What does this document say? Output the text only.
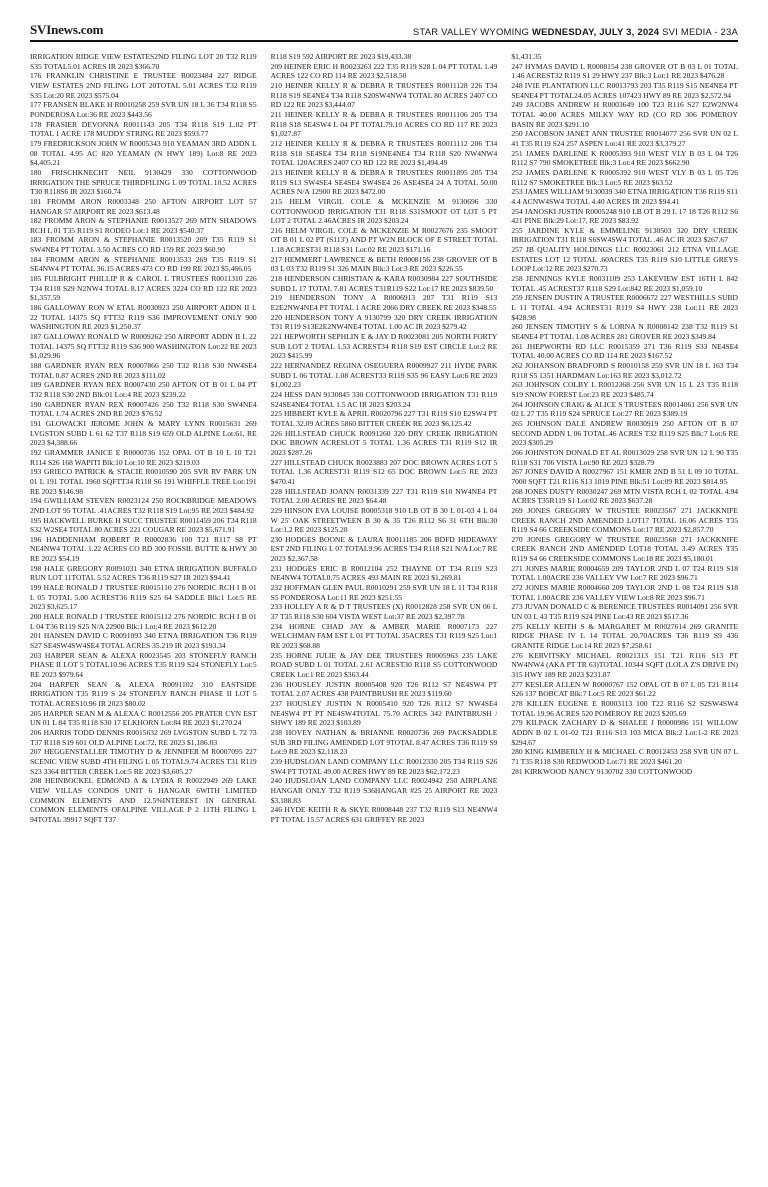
SVInews.com	STAR VALLEY WYOMING WEDNESDAY, JULY 3, 2024 SVI MEDIA - 23A

IRRIGATION RIDGE VIEW ESTATES2ND FILING LOT 20 T32 R119 S35 TOTAL5.01 ACRES IR 2023 $366.70

176 FRANKLIN CHRISTINE E TRUSTEE R0023484 227 RIDGE VIEW ESTATES 2ND FILING LOT 20TOTAL 5.01 ACRES T32 R119 S35 Lot:20 RE 2023 $575.04

177 FRANSEN BLAKE H R0010258 259 SVR UN 18 L 36 T34 R118 S5 PONDEROSA Lot:36 RE 2023 $443.56

178 FRASIER DEVONNA R0011143 205 T34 R118 S19 L.02 PT TOTAL 1 ACRE 178 MUDDY STRING RE 2023 $593.77

179 FREDRICKSON JOHN W R0005343 910 YEAMAN 3RD ADDN L 08 TOTAL 4.95 AC 820 YEAMAN (N HWY 189) Lot:8 RE 2023 $4,405.21

180 FRISCHKNECHT NEIL 9130429 330 COTTONWOOD IRRIGATION THE SPRUCE THIRDFILING L 09 TOTAL 10.52 ACRES T30 R118S6 IR 2023 $160.74

181 FROMM ARON R0003348 250 AFTON AIRPORT LOT 57 HANGAR 57 AIRPORT RE 2023 $613.48

182 FROMM ARON & STEPHANIE R0013527 269 MTN SHADOWS RCH L 01 T35 R119 S1 RODEO Lot:1 RE 2023 $540.37

183 FROMM ARON & STEPHANIE R0013520 269 T35 R119 S1 SW4NE4 PT TOTAL 3.50 ACRES CO RD 159 RE 2023 $60.90

184 FROMM ARON & STEPHANIE R0013533 269 T35 R119 S1 SE4NW4 PT TOTAL 36.15 ACRES 473 CO RD 199 RE 2023 $5,466.05

185 FULBRIGHT PHILLIP R & CAROL L TRUSTEES R0011310 226 T34 R118 S29 N2NW4 TOTAL 8.17 ACRES 3224 CO RD 122 RE 2023 $1,357.59

186 GALLOWAY RON W ETAL R0030923 250 AIRPORT ADDN II L 22 TOTAL 14375 SQ FTT32 R119 S36 IMPROVEMENT ONLY 900 WASHINGTON RE 2023 $1,250.37

187 GALLOWAY RONALD W R0009262 250 AIRPORT ADDN II L 22 TOTAL 14375 SQ FTT32 R119 S36 900 WASHINGTON Lot:22 RE 2023 $1,029.96

188 GARDNER RYAN REX R0007866 250 T32 R118 S30 NW4SE4 TOTAL 0.87 ACRES 2ND RE 2023 $111.02

189 GARDNER RYAN REX R0007430 250 AFTON OT B 01 L 04 PT T32 R118 S30 2ND Blk:01 Lot:4 RE 2023 $239.22

190 GARDNER RYAN REX R0007426 250 T32 R118 S30 SW4NE4 TOTAL 1.74 ACRES 2ND RE 2023 $76.52

191 GLOWACKI JEROME JOHN & MARY LYNN R0015631 269 LVGSTON SUBD L 61 62 T37 R118 S19 659 OLD ALPINE Lot:61, RE 2023 $4,388.66

192 GRAMMER JANICE E R0000736 152 OPAL OT B 10 L 10 T21 R114 S26 168 WAPITI Blk:10 Lot:10 RE 2023 $219.03

193 GRIECO PATRICK & STACIE R0010590 205 SVR RV PARK UN 01 L 191 TOTAL 1960 SQFTT34 R118 S6 191 WHIFFLE TREE Lot:191 RE 2023 $146.98

194 GWILLIAM STEVEN R0023124 250 ROCKBRIDGE MEADOWS 2ND LOT 95 TOTAL .41ACRES T32 R118 S19 Lot:95 RE 2023 $484.92

195 HACKWELL BURKE H SUCC TRUSTEE R0011459 206 T34 R118 S32 W2SE4 TOTAL 80 ACRES 221 COUGAR RE 2023 $5,671.91

196 HADDENHAM ROBERT R R0002836 100 T21 R117 S8 PT NE4NW4 TOTAL 1.22 ACRES CO RD 300 FOSSIL BUTTE & HWY 30 RE 2023 $54.19

198 HALE GREGORY R0091031 340 ETNA IRRIGATION BUFFALO RUN LOT 11TOTAL 5.52 ACRES T36 R119 S27 IR 2023 $94.41

199 HALE RONALD J TRUSTEE R0015110 276 NORDIC RCH I B 01 L 05 TOTAL 5.00 ACREST36 R119 S25 64 SADDLE Blk:1 Lot:5 RE 2023 $3,625.17

200 HALE RONALD J TRUSTEE R0015112 276 NORDIC RCH I B 01 L 04 T36 R119 S25 N/A 22900 Blk:1 Lot:4 RE 2023 $612.20

201 HANSEN DAVID C R0091093 340 ETNA IRRIGATION T36 R119 S27 SE4SW4SW4SE4 TOTAL ACRES 35.219 IR 2023 $193.34

203 HARPER SEAN & ALEXA R0023545 203 STONEFLY RANCH PHASE II LOT 5 TOTAL10.96 ACRES T35 R119 S24 STONEFLY Lot:5 RE 2023 $979.64

204 HARPER SEAN & ALEXA R0091102 310 EASTSIDE IRRIGATION T35 R119 S 24 STONEFLY RANCH PHASE II LOT 5 TOTAL ACRES10.96 IR 2023 $80.02

205 HARPER SEAN M & ALEXA C R0012556 205 PRATER CYN EST UN 01 L 84 T35 R118 S30 17 ELKHORN Lot:84 RE 2023 $1,270.24

206 HARRIS TODD DENNIS R0015632 269 LVGSTON SUBD L 72 73 T37 R118 S19 601 OLD ALPINE Lot:72, RE 2023 $1,186.03

207 HEGGENSTALLER TIMOTHY D & JENNIFER M R0007095 227 SCENIC VIEW SUBD 4TH FILING L 05 TOTAL9.74 ACRES T31 R119 S23 3364 BITTER CREEK Lot:5 RE 2023 $3,605.27

208 HEINBOCKEL EDMOND A & LYDIA R R0022949 269 LAKE VIEW VILLAS CONDOS UNIT 6 HANGAR 6WITH LIMITED COMMON ELEMENTS AND 12.5%INTEREST IN GENERAL COMMON ELEMENTS OFALPINE VILLAGE P 2 11TH FILING L 94TOTAL 39917 SQFT T37

R118 S19 592 AIRPORT RE 2023 $19,433.38

209 HEINER ERIC H R0023263 222 T35 R119 S28 L 04 PT TOTAL 1.49 ACRES 122 CO RD 114 RE 2023 $2,518.50

210 HEINER KELLY R & DEBRA R TRUSTEES R0011128 226 T34 R118 S19 SE4NE4 T34 R118 S20SW4NW4 TOTAL 80 ACRES 2407 CO RD 122 RE 2023 $3,444.07

211 HEINER KELLY R & DEBRA R TRUSTEES R0011106 205 T34 R118 S18 SE4SW4 L 04 PT TOTAL79.10 ACRES CO RD 117 RE 2023 $1,027.87

212 HEINER KELLY R & DEBRA R TRUSTEES R0011112 206 T34 R118 S18 SE4SE4 T34 R118 S19NE4NE4 T34 R118 S20 NW4NW4 TOTAL 120ACRES 2407 CO RD 122 RE 2023 $1,494.49

213 HEINER KELLY R & DEBRA R TRUSTEES R0011895 205 T34 R119 S13 SW4SE4 SE4SE4 SW4SE4 26 ASE4SE4 24 A TOTAL 50.00 ACRES N/A 12900 RE 2023 $472.00

215 HELM VIRGIL COLE & MCKENZIE M 9130696 330 COTTONWOOD IRRIGATION T31 R118 S31SMOOT OT LOT 5 PT LOT 2 TOTAL 2.46ACRES IR 2023 $203.24

216 HELM VIRGIL COLE & MCKENZIE M R0027676 235 SMOOT OT B 01 L 02 PT (S113') AND PT W2N BLOCK OF E STREET TOTAL 1.18 ACREST31 R118 S31 Lot:02 RE 2023 $171.16

217 HEMMERT LAWRENCE & BETH R0008156 238 GROVER OT B 03 L 03 T32 R119 S1 326 MAIN Blk:3 Lot:3 RE 2023 $226.55

218 HENDERSON CHRISTIAN & KARA R0030984 227 SOUTHSIDE SUBD L 17 TOTAL 7.81 ACRES T31R119 S22 Lot:17 RE 2023 $839.50

219 HENDERSON TONY A R0006913 207 T31 R119 S13 E2E2NW4NE4 PT TOTAL 1 ACRE 2066 DRY CREEK RE 2023 $348.55

220 HENDERSON TONY A 9130799 320 DRY CREEK IRRIGATION T31 R119 S13E2E2NW4NE4 TOTAL 1.00 AC IR 2023 $279.42

221 HEPWORTH SEPHLIN E & JAY D R0023081 205 NORTH FORTY SUB LOT 2 TOTAL 1.53 ACREST34 R118 S19 EST CIRCLE Lot:2 RE 2023 $415.99

222 HERNANDEZ REGINA OSEGUERA R0009927 211 HYDE PARK SUBD L 06 TOTAL 1.08 ACREST33 R119 S35 96 EASY Lot:6 RE 2023 $1,002.23

224 HESS DAN 9130845 330 COTTONWOOD IRRIGATION T31 R119 S24SE4NE4 TOTAL 1.5 AC IR 2023 $203.24

225 HIBBERT KYLE & APRIL R0020796 227 T31 R119 S10 E2SW4 PT TOTAL 32.09 ACRES 5860 BITTER CREEK RE 2023 $6,125.42

226 HILLSTEAD CHUCK R0091260 320 DRY CREEK IRRIGATION DOC BROWN ACRESLOT 5 TOTAL 1.36 ACRES T31 R119 S12 IR 2023 $287.26

227 HILLSTEAD CHUCK R0023883 207 DOC BROWN ACRES LOT 5 TOTAL 1.36 ACREST31 R119 S12 65 DOC BROWN Lot:5 RE 2023 $470.41

228 HILLSTEAD JOANN R0031339 227 T31 R119 S10 NW4NE4 PT TOTAL 2.00 ACRES RE 2023 $64.48

229 HINSON EVA LOUISE R0005318 910 LB OT B 30 L 01-03 4 L 04 W 25' OAK STREETWEEN B 30 & 35 T26 R112 S6 31 6TH Blk:30 Lot:1,2 RE 2023 $125.28

230 HODGES BOONE & LAURA R0011185 206 BDFD HIDEAWAY EST 2ND FILING L 07 TOTAL9.96 ACRES T34 R118 S21 N/A Lot:7 RE 2023 $2,367.58

231 HODGES ERIC B R0012104 252 THAYNE OT T34 R119 S23 NE4NW4 TOTAL0.75 ACRES 493 MAIN RE 2023 $1,269.81

232 HOFFMAN GLEN PAUL R0010291 259 SVR UN 18 L 11 T34 R118 S5 PONDEROSA Lot:11 RE 2023 $251.55

233 HOLLEY A R & D T TRUSTEES (X) R0012828 258 SVR UN 06 L 37 T35 R118 S30 604 VISTA WEST Lot:37 RE 2023 $2,397.78

234 HORNE CHAD JAY & AMBER MARIE R0007173 227 WELCHMAN FAM EST L 01 PT TOTAL 35ACRES T31 R119 S25 Lot:1 RE 2023 $68.88

235 HORNE JULIE & JAY DEE TRUSTEES R0005963 235 LAKE ROAD SUBD L 01 TOTAL 2.61 ACREST30 R118 S5 COTTONWOOD CREEK Lot:1 RE 2023 $363.44

236 HOUSLEY JUSTIN R0005408 920 T26 R112 S7 NE4SW4 PT TOTAL 2.07 ACRES 438 PAINTBRUSH RE 2023 $119.60

237 HOUSLEY JUSTIN N R0005410 920 T26 R112 S7 NW4SE4 NE4SW4 PT PT NE4SW4TOTAL 75.70 ACRES 342 PAINTBRUSH / SHWY 189 RE 2023 $103.89

238 HOVEY NATHAN & BRIANNE R0020736 269 PACKSADDLE SUB 3RD FILING AMENDED LOT 9TOTAL 8.47 ACRES T36 R119 S9 Lot:9 RE 2023 $2,118.23

239 HUDSLOAN LAND COMPANY LLC R0012330 205 T34 R119 S26 SW4 PT TOTAL 49.00 ACRES HWY 89 RE 2023 $62,172.23

240 HUDSLOAN LAND COMPANY LLC R0024942 250 AIRPLANE HANGAR ONLY T32 R119 S36HANGAR #25 25 AIRPORT RE 2023 $3,188.83

246 HYDE KEITH R & SKYE R0008448 237 T32 R119 S13 NE4NW4 PT TOTAL 15.57 ACRES 631 GRIFFEY RE 2023

$1,431.35

247 HYMAS DAVID L R0008154 238 GROVER OT B 03 L 01 TOTAL 1.46 ACREST32 R119 S1 29 HWY 237 Blk:3 Lot:1 RE 2023 $476.28

248 IVIE PLANTATION LLC R0013793 203 T35 R119 S15 NE4NE4 PT SE4NE4 PT TOTAL24.05 ACRES 107423 HWY 89 RE 2023 $2,572.94

249 JACOBS ANDREW H R0003649 100 T23 R116 S27 E2W2NW4 TOTAL 40.00 ACRES MILKY WAY RD (CO RD 306 POMEROY BASIN RE 2023 $291.10

250 JACOBSON JANET ANN TRUSTEE R0014077 256 SVR UN 02 L 41 T35 R119 S24 257 ASPEN Lot:41 RE 2023 $3,379.27

251 JAMES DARLENE K R0005393 910 WEST VLY B 03 L 04 T26 R112 S7 790 SMOKETREE Blk:3 Lot:4 RE 2023 $662.90

252 JAMES DARLENE K R0005392 910 WEST VLY B 03 L 05 T26 R112 S7 SMOKETREE Blk:3 Lot:5 RE 2023 $63.52

253 JAMES WILLIAM 9130039 340 ETNA IRRIGATION T36 R119 S11 4.4 ACNW4SW4 TOTAL 4.40 ACRES IR 2023 $94.41

254 JANOSKI JUSTIN R0005248 910 LB OT B 29 L 17 18 T26 R112 S6 421 PINE Blk:29 Lot:17, RE 2023 $83.92

255 JARDINE KYLE & EMMELINE 9130503 320 DRY CREEK IRRIGATION T31 R118 S6SW4SW4 TOTAL .46 AC IR 2023 $267.67

257 JB QUALITY HOLDINGS LLC R0023061 212 ETNA VILLAGE ESTATES LOT 12 TOTAL .60ACRES T35 R119 S10 LITTLE GREYS LOOP Lot:12 RE 2023 $270.73

258 JENNINGS KYLE R0031109 253 LAKEVIEW EST 16TH L 842 TOTAL .45 ACREST37 R118 S29 Lot:842 RE 2023 $1,059.10

259 JENSEN DUSTIN A TRUSTEE R0006672 227 WESTHILLS SUBD L 11 TOTAL 4.94 ACREST31 R119 S4 HWY 238 Lot:11 RE 2023 $428.98

260 JENSEN TIMOTHY S & LORNA N R0008142 238 T32 R119 S1 SE4NE4 PT TOTAL 1.08 ACRES 281 GROVER RE 2023 $349.84

261 JHEPWORTH RD LLC R0015359 271 T36 R119 S33 NE4SE4 TOTAL 40.00 ACRES CO RD 114 RE 2023 $167.52

262 JOHANSON BRADFORD S R0010158 259 SVR UN 18 L 163 T34 R118 S5 1351 HARDMAN Lot:163 RE 2023 $3,012.72

263 JOHNSON COLBY L R0012368 256 SVR UN 15 L 23 T35 R118 S19 SNOW FOREST Lot:23 RE 2023 $485.74

264 JOHNSON CRAIG & ALICE S TRUSTEES R0014061 256 SVR UN 02 L 27 T35 R119 S24 SPRUCE Lot:27 RE 2023 $389.19

265 JOHNSON DALE ANDREW R0030919 250 AFTON OT B 07 SECOND ADDN L 06 TOTAL.46 ACRES T32 R119 S25 Blk:7 Lot:6 RE 2023 $305.29

266 JOHNSTON DONALD ET AL R0013029 258 SVR UN 12 L 90 T35 R118 S31 706 VISTA Lot:90 RE 2023 $328.79

267 JONES DAVID A R0027967 151 KMER 2ND B 51 L 09 10 TOTAL 7000 SQFT T21 R116 S13 1019 PINE Blk:51 Lot:09 RE 2023 $814.95

268 JONES DUSTY R0030247 269 MTN VISTA RCH L 02 TOTAL 4.94 ACRES T35R119 S1 Lot:02 RE 2023 $637.28

269 JONES GREGORY W TRUSTEE R0023567 271 JACKKNIFE CREEK RANCH 2ND AMENDED LOT17 TOTAL 16.06 ACRES T35 R119 S4 66 CREEKSIDE COMMONS Lot:17 RE 2023 $2,857.70

270 JONES GREGORY W TRUSTEE R0023568 271 JACKKNIFE CREEK RANCH 2ND AMENDED LOT18 TOTAL 3.49 ACRES T35 R119 S4 66 CREEKSIDE COMMONS Lot:18 RE 2023 $5,180.01

271 JONES MARIE R0004659 209 TAYLOR 2ND L 07 T24 R119 S18 TOTAL 1.00ACRE 236 VALLEY VW Lot:7 RE 2023 $96.71

272 JONES MARIE R0004660 209 TAYLOR 2ND L 08 T24 R119 S18 TOTAL 1.00ACRE 236 VALLEY VIEW Lot:8 RE 2023 $96.71

273 JUVAN DONALD C & BERENICE TRUSTEES R0014091 256 SVR UN 03 L 43 T35 R119 S24 PINE Lot:43 RE 2023 $517.36

275 KELLY KEITH S & MARGARET M R0027614 269 GRANITE RIDGE PHASE IV L 14 TOTAL 20.70ACRES T36 R119 S9 436 GRANITE RIDGE Lot:14 RE 2023 $7,258.61

276 KERVITSKY MICHAEL R0021313 151 T21 R116 S13 PT NW4NW4 (AKA PT TR 63)TOTAL 10344 SQFT (LOLA Z'S DRIVE IN) 315 HWY 189 RE 2023 $231.87

277 KESLER ALLEN W R0000767 152 OPAL OT B 07 L 05 T21 R114 S26 137 BOBCAT Blk:7 Lot:5 RE 2023 $61.22

278 KILLEN EUGENE E R0003113 100 T22 R116 S2 S2SW4SW4 TOTAL 19.96 ACRES 520 POMEROY RE 2023 $205.69

279 KILPACK ZACHARY D & SHALEE J R0000986 151 WILLOW ADDN B 02 L 01-02 T21 R116 S13 103 MICA Blk:2 Lot:1-2 RE 2023 $294.67

280 KING KIMBERLY H & MICHAEL C R0012453 258 SVR UN 07 L 71 T35 R118 S30 REDWOOD Lot:71 RE 2023 $461.20

281 KIRKWOOD NANCY 9130702 330 COTTONWOOD
